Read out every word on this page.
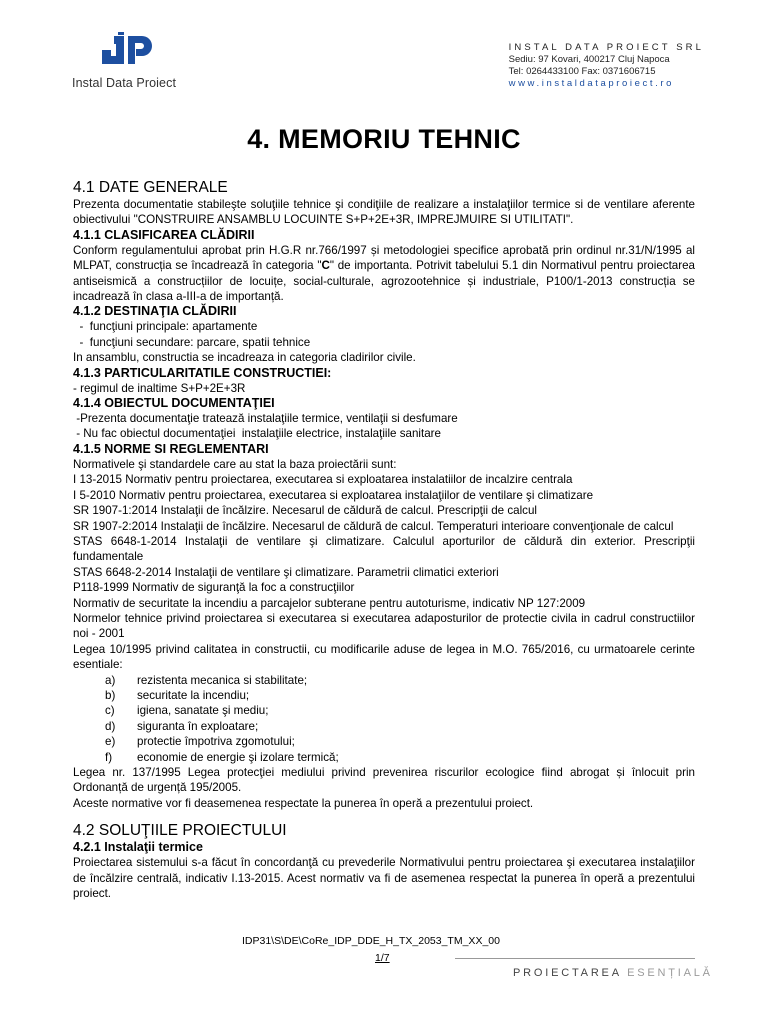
Instal Data Proiect
INSTAL DATA PROIECT SRL
Sediu: 97 Kovari, 400217 Cluj Napoca
Tel: 0264433100 Fax: 0371606715
www.instaldataproiect.ro
4. MEMORIU TEHNIC
4.1 DATE GENERALE

Prezenta documentatie stabileşte soluţiile tehnice şi condiţiile de realizare a instalaţiilor termice si de ventilare aferente obiectivului "CONSTRUIRE ANSAMBLU LOCUINTE S+P+2E+3R, IMPREJMUIRE SI UTILITATI".

4.1.1 CLASIFICAREA CLĂDIRII

Conform regulamentului aprobat prin H.G.R nr.766/1997 și metodologiei specifice aprobată prin ordinul nr.31/N/1995 al MLPAT, construcția se încadrează în categoria "C" de importanta. Potrivit tabelului 5.1 din Normativul pentru proiectarea antiseismică a construcțiilor de locuițe, social-culturale, agrozootehnice și industriale, P100/1-2013 construcția se incadrează în clasa a-III-a de importanță.

4.1.2 DESTINAŢIA CLĂDIRII

-  funcţiuni principale: apartamente

-  funcţiuni secundare: parcare, spatii tehnice

In ansamblu, constructia se incadreaza in categoria cladirilor civile.

4.1.3 PARTICULARITATILE CONSTRUCTIEI:

- regimul de inaltime S+P+2E+3R

4.1.4 OBIECTUL DOCUMENTAŢIEI

-Prezenta documentaţie tratează instalaţiile termice, ventilaţii si desfumare

- Nu fac obiectul documentaţiei  instalaţiile electrice, instalaţiile sanitare

4.1.5 NORME SI REGLEMENTARI

Normativele şi standardele care au stat la baza proiectării sunt:

I 13-2015 Normativ pentru proiectarea, executarea si exploatarea instalatiilor de incalzire centrala

I 5-2010 Normativ pentru proiectarea, executarea si exploatarea instalaţiilor de ventilare şi climatizare

SR 1907-1:2014 Instalaţii de încălzire. Necesarul de căldură de calcul. Prescripţii de calcul

SR 1907-2:2014 Instalaţii de încălzire. Necesarul de căldură de calcul. Temperaturi interioare convenţionale de calcul

STAS 6648-1-2014 Instalaţii de ventilare şi climatizare. Calculul aporturilor de căldură din exterior. Prescripţii fundamentale

STAS 6648-2-2014 Instalaţii de ventilare şi climatizare. Parametrii climatici exteriori

P118-1999 Normativ de siguranţă la foc a construcţiilor

Normativ de securitate la incendiu a parcajelor subterane pentru autoturisme, indicativ NP 127:2009

Normelor tehnice privind proiectarea si executarea si executarea adaposturilor de protectie civila in cadrul constructiilor noi - 2001

Legea 10/1995 privind calitatea in constructii, cu modificarile aduse de legea in M.O. 765/2016, cu urmatoarele cerinte esentiale:

a)	rezistenta mecanica si stabilitate;
b)	securitate la incendiu;
c)	igiena, sanatate şi mediu;
d)	siguranta în exploatare;
e)	protectie împotriva zgomotului;
f)	economie de energie şi izolare termică;

Legea nr. 137/1995 Legea protecţiei mediului privind prevenirea riscurilor ecologice fiind abrogat și înlocuit prin Ordonanță de urgență 195/2005.

Aceste normative vor fi deasemenea respectate la punerea în operă a prezentului proiect.

4.2 SOLUŢIILE PROIECTULUI
4.2.1 Instalaţii termice

Proiectarea sistemului s-a făcut în concordanţă cu prevederile Normativului pentru proiectarea şi executarea instalaţiilor de încălzire centrală, indicativ I.13-2015. Acest normativ va fi de asemenea respectat la punerea în operă a prezentului proiect.

IDP31\S\DE\CoRe_IDP_DDE_H_TX_2053_TM_XX_00
1/7
PROIECTAREA ESENȚIALĂ
